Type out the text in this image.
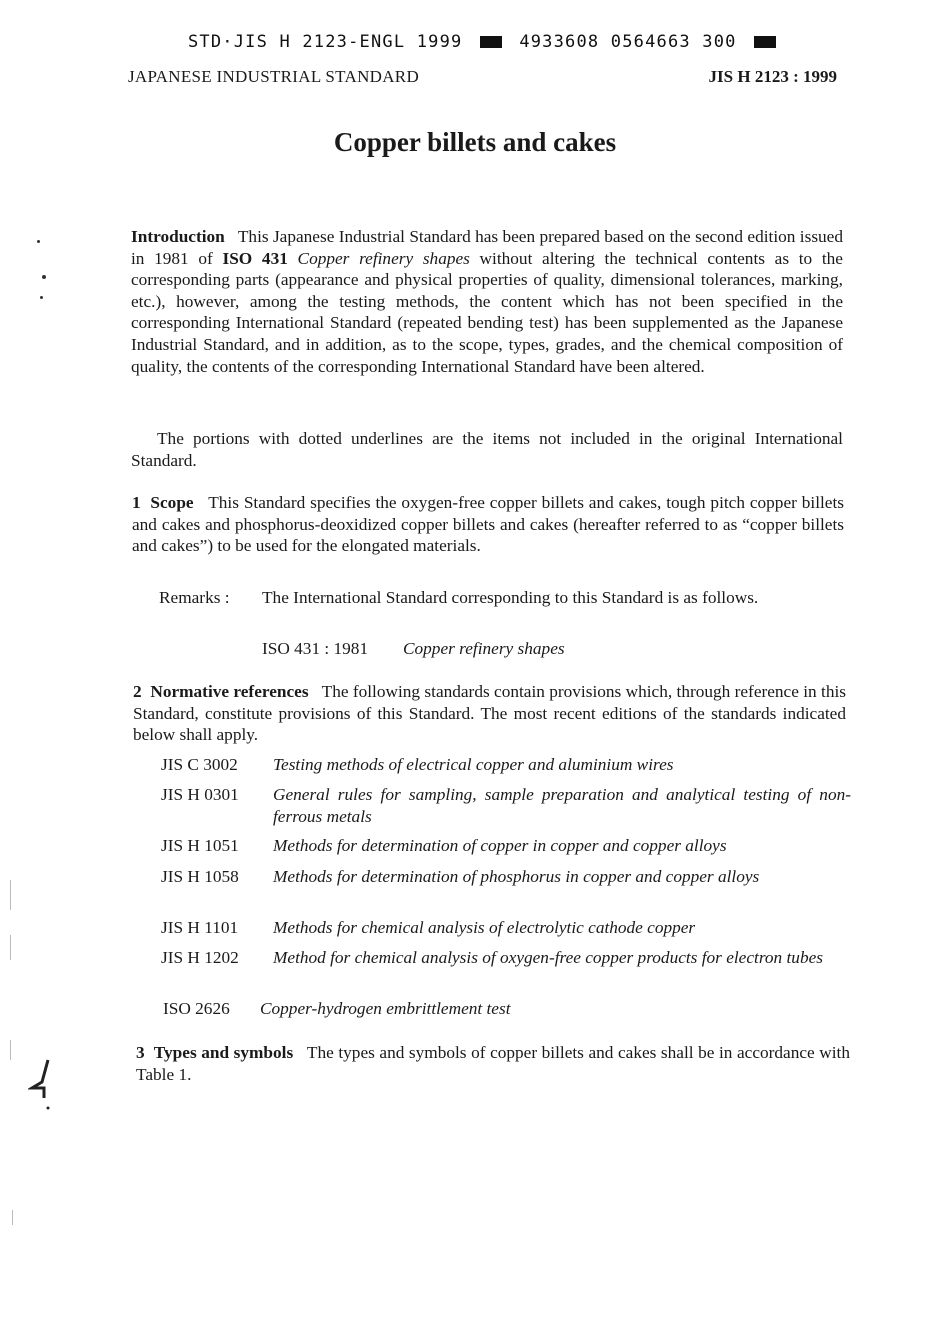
STD·JIS H 2123-ENGL 1999	4933608 0564663 300
JAPANESE INDUSTRIAL STANDARD	JIS H 2123 : 1999
Copper billets and cakes
Introduction This Japanese Industrial Standard has been prepared based on the second edition issued in 1981 of ISO 431 Copper refinery shapes without altering the technical contents as to the corresponding parts (appearance and physical properties of quality, dimensional tolerances, marking, etc.), however, among the testing methods, the content which has not been specified in the corresponding International Standard (repeated bending test) has been supplemented as the Japanese Industrial Standard, and in addition, as to the scope, types, grades, and the chemical composition of quality, the contents of the corresponding International Standard have been altered.
The portions with dotted underlines are the items not included in the original International Standard.
1 Scope This Standard specifies the oxygen-free copper billets and cakes, tough pitch copper billets and cakes and phosphorus-deoxidized copper billets and cakes (hereafter referred to as “copper billets and cakes”) to be used for the elongated materials.
Remarks : The International Standard corresponding to this Standard is as follows.
ISO 431 : 1981 Copper refinery shapes
2 Normative references The following standards contain provisions which, through reference in this Standard, constitute provisions of this Standard. The most recent editions of the standards indicated below shall apply.
JIS C 3002 Testing methods of electrical copper and aluminium wires
JIS H 0301 General rules for sampling, sample preparation and analytical testing of non-ferrous metals
JIS H 1051 Methods for determination of copper in copper and copper alloys
JIS H 1058 Methods for determination of phosphorus in copper and copper alloys
JIS H 1101 Methods for chemical analysis of electrolytic cathode copper
JIS H 1202 Method for chemical analysis of oxygen-free copper products for electron tubes
ISO 2626 Copper-hydrogen embrittlement test
3 Types and symbols The types and symbols of copper billets and cakes shall be in accordance with Table 1.
